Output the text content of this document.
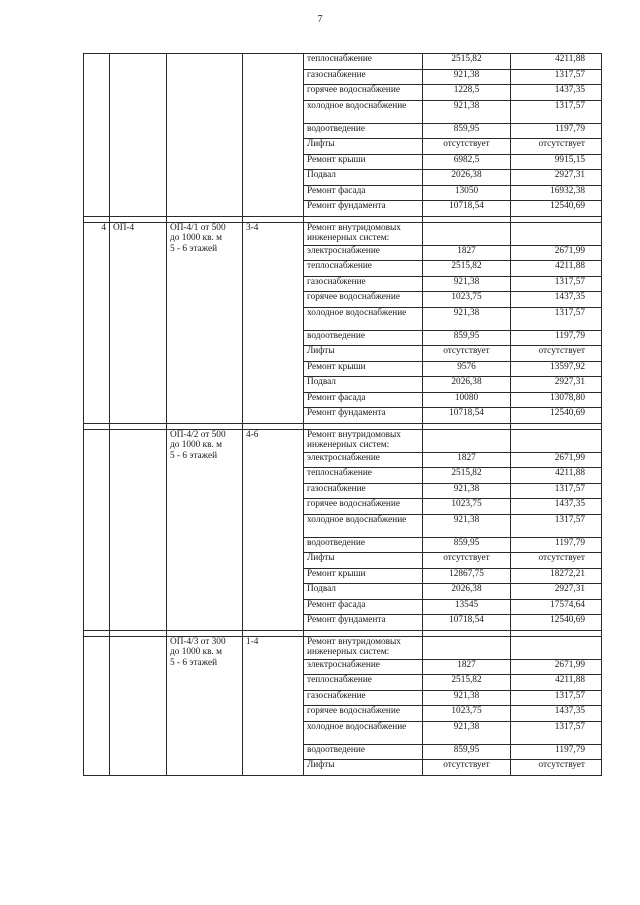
7
				теплоснабжение	2515,82	4211,88
				газоснабжение	921,38	1317,57
				горячее водоснабжение	1228,5	1437,35
				холодное водоснабжение	921,38	1317,57
				водоотведение	859,95	1197,79
				Лифты	отсутствует	отсутствует
				Ремонт крыши	6982,5	9915,15
				Подвал	2026,38	2927,31
				Ремонт фасада	13050	16932,38
				Ремонт фундамента	10718,54	12540,69

4	ОП-4	ОП-4/1 от 500
до 1000 кв. м
5 - 6 этажей	3-4	Ремонт внутридомовых инженерных систем:		
				электроснабжение	1827	2671,99
				теплоснабжение	2515,82	4211,88
				газоснабжение	921,38	1317,57
				горячее водоснабжение	1023,75	1437,35
				холодное водоснабжение	921,38	1317,57
				водоотведение	859,95	1197,79
				Лифты	отсутствует	отсутствует
				Ремонт крыши	9576	13597,92
				Подвал	2026,38	2927,31
				Ремонт фасада	10080	13078,80
				Ремонт фундамента	10718,54	12540,69

		ОП-4/2 от 500
до 1000 кв. м
5 - 6 этажей	4-6	Ремонт внутридомовых инженерных систем:		
				электроснабжение	1827	2671,99
				теплоснабжение	2515,82	4211,88
				газоснабжение	921,38	1317,57
				горячее водоснабжение	1023,75	1437,35
				холодное водоснабжение	921,38	1317,57
				водоотведение	859,95	1197,79
				Лифты	отсутствует	отсутствует
				Ремонт крыши	12867,75	18272,21
				Подвал	2026,38	2927,31
				Ремонт фасада	13545	17574,64
				Ремонт фундамента	10718,54	12540,69

		ОП-4/3 от 300
до 1000 кв. м
5 - 6 этажей	1-4	Ремонт внутридомовых инженерных систем:		
				электроснабжение	1827	2671,99
				теплоснабжение	2515,82	4211,88
				газоснабжение	921,38	1317,57
				горячее водоснабжение	1023,75	1437,35
				холодное водоснабжение	921,38	1317,57
				водоотведение	859,95	1197,79
				Лифты	отсутствует	отсутствует
